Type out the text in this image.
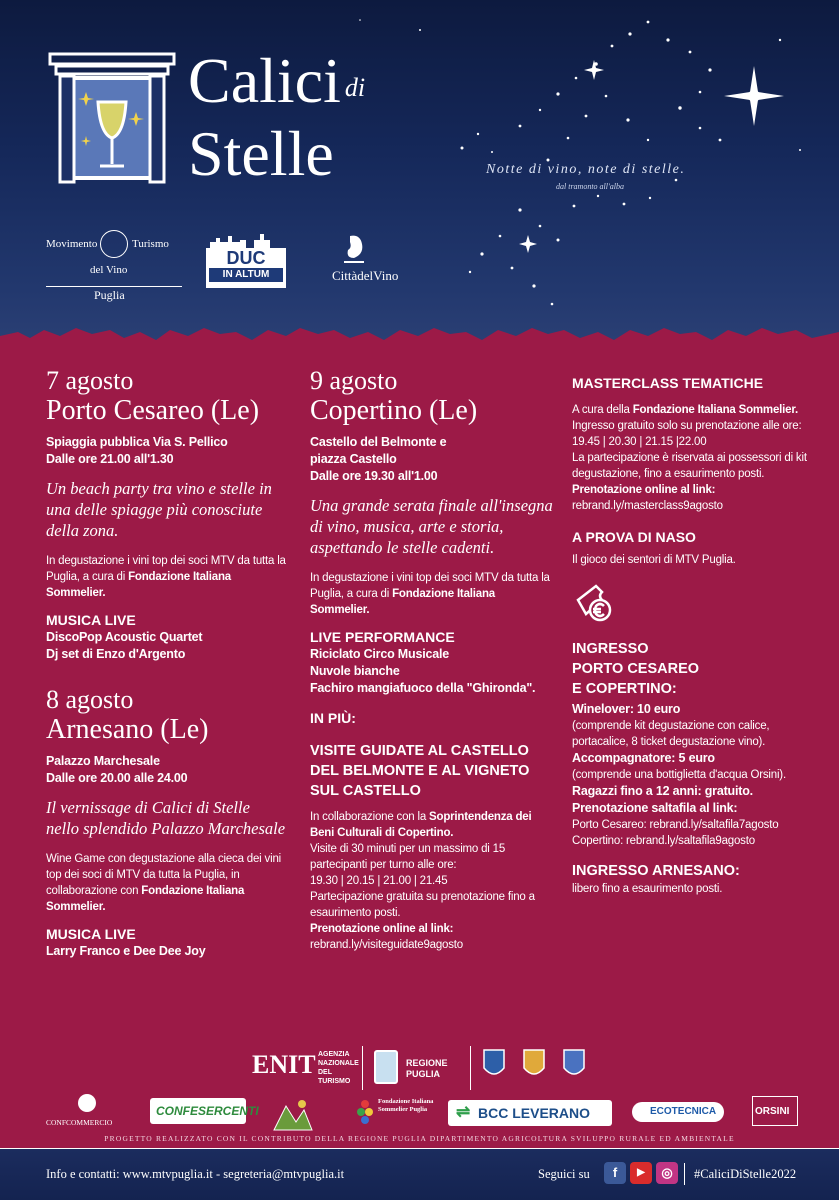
Calici di
Stelle	Notte di vino, note di stelle.
dal tramonto all'alba
Movimento	Turismo
del Vino
Puglia
DUC
IN ALTUM	CittàdelVino
7 agosto
Porto Cesareo (Le)
Spiaggia pubblica Via S. Pellico
Dalle ore 21.00 all'1.30
Un beach party tra vino e stelle in una delle spiagge più conosciute della zona.
In degustazione i vini top dei soci MTV da tutta la Puglia, a cura di Fondazione Italiana Sommelier.
MUSICA LIVE
DiscoPop Acoustic Quartet
Dj set di Enzo d'Argento
8 agosto
Arnesano (Le)
Palazzo Marchesale
Dalle ore 20.00 alle 24.00
Il vernissage di Calici di Stelle nello splendido Palazzo Marchesale
Wine Game con degustazione alla cieca dei vini top dei soci di MTV da tutta la Puglia, in collaborazione con Fondazione Italiana Sommelier.
MUSICA LIVE
Larry Franco e Dee Dee Joy
9 agosto
Copertino (Le)
Castello del Belmonte e
piazza Castello
Dalle ore 19.30 all'1.00
Una grande serata finale all'insegna di vino, musica, arte e storia, aspettando le stelle cadenti.
In degustazione i vini top dei soci MTV da tutta la Puglia, a cura di Fondazione Italiana Sommelier.
LIVE PERFORMANCE
Riciclato Circo Musicale
Nuvole bianche
Fachiro mangiafuoco della "Ghironda".
IN PIÙ:
VISITE GUIDATE AL CASTELLO DEL BELMONTE E AL VIGNETO SUL CASTELLO
In collaborazione con la Soprintendenza dei Beni Culturali di Copertino.
Visite di 30 minuti per un massimo di 15 partecipanti per turno alle ore:
19.30 | 20.15 | 21.00 | 21.45
Partecipazione gratuita su prenotazione fino a esaurimento posti.
Prenotazione online al link:
rebrand.ly/visiteguidate9agosto
MASTERCLASS TEMATICHE
A cura della Fondazione Italiana Sommelier.
Ingresso gratuito solo su prenotazione alle ore:
19.45 | 20.30 | 21.15 |22.00
La partecipazione è riservata ai possessori di kit degustazione, fino a esaurimento posti.
Prenotazione online al link:
rebrand.ly/masterclass9agosto
A PROVA DI NASO
Il gioco dei sentori di MTV Puglia.
INGRESSO
PORTO CESAREO
E COPERTINO:
Winelover: 10 euro
(comprende kit degustazione con calice, portacalice, 8 ticket degustazione vino).
Accompagnatore: 5 euro
(comprende una bottiglietta d'acqua Orsini).
Ragazzi fino a 12 anni: gratuito.
Prenotazione saltafila al link:
Porto Cesareo: rebrand.ly/saltafila7agosto
Copertino: rebrand.ly/saltafila9agosto
INGRESSO ARNESANO:
libero fino a esaurimento posti.
ENIT AGENZIA NAZIONALE DEL TURISMO
REGIONE PUGLIA
CONFCOMMERCIO
CONFESERCENTI
Fondazione Italiana Sommelier Puglia	⇌ BCC LEVERANO	ECOTECNICA	ORSINI
PROGETTO REALIZZATO CON IL CONTRIBUTO DELLA REGIONE PUGLIA DIPARTIMENTO AGRICOLTURA SVILUPPO RURALE ED AMBIENTALE
Info e contatti: www.mtvpuglia.it - segreteria@mtvpuglia.it	Seguici su	f	▶	◎	#CaliciDiStelle2022
